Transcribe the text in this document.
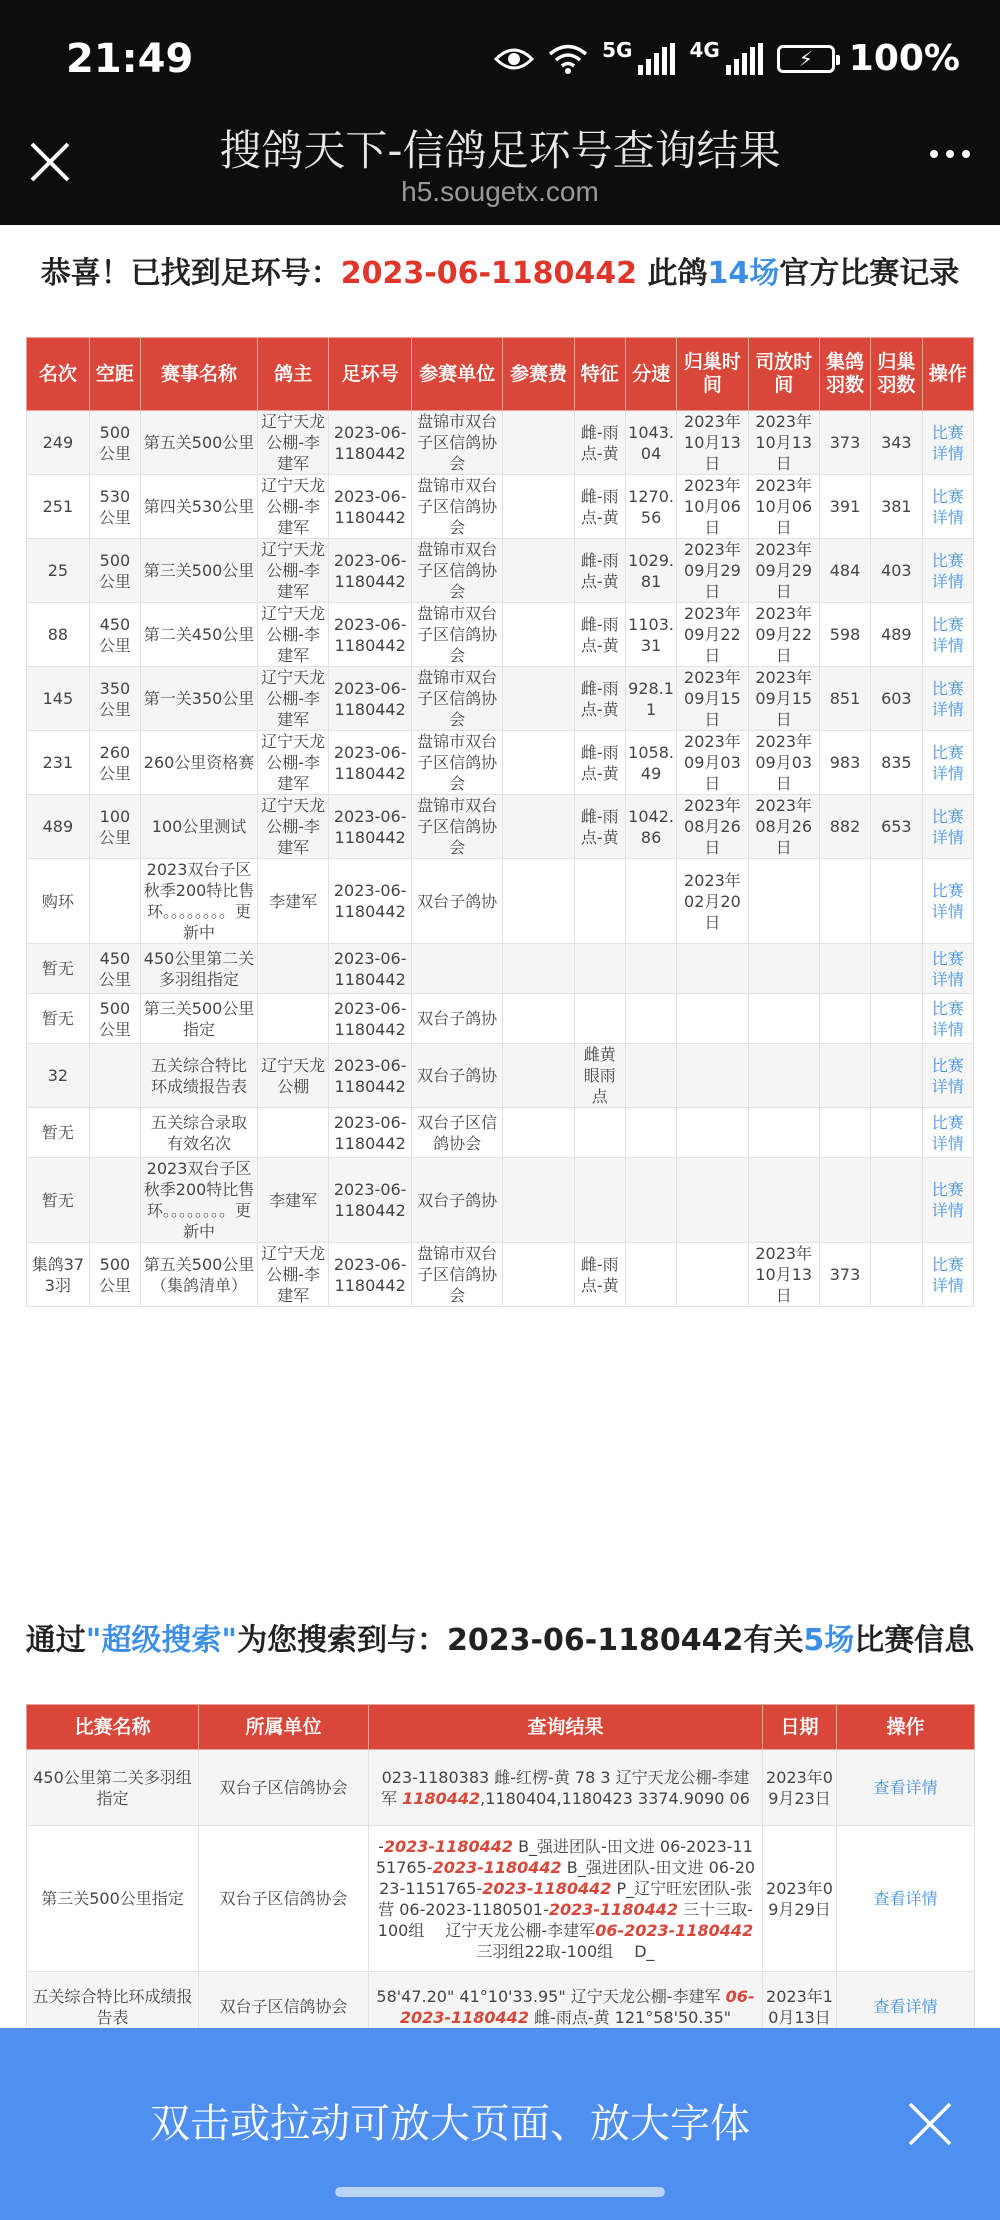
21:49	5G	4G	⚡ 100%
搜鸽天下-信鸽足环号查询结果
h5.sougetx.com
恭喜！已找到足环号：2023-06-1180442 此鸽14场官方比赛记录
名次	空距	赛事名称	鸽主	足环号	参赛单位	参赛费	特征	分速	归巢时间	司放时间	集鸽羽数	归巢羽数	操作
249	500公里	第五关500公里	辽宁天龙公棚-李建军	2023-06-1180442	盘锦市双台子区信鸽协会		雌-雨点-黄	1043.04	2023年10月13日	2023年10月13日	373	343	比赛详情
251	530公里	第四关530公里	辽宁天龙公棚-李建军	2023-06-1180442	盘锦市双台子区信鸽协会		雌-雨点-黄	1270.56	2023年10月06日	2023年10月06日	391	381	比赛详情
25	500公里	第三关500公里	辽宁天龙公棚-李建军	2023-06-1180442	盘锦市双台子区信鸽协会		雌-雨点-黄	1029.81	2023年09月29日	2023年09月29日	484	403	比赛详情
88	450公里	第二关450公里	辽宁天龙公棚-李建军	2023-06-1180442	盘锦市双台子区信鸽协会		雌-雨点-黄	1103.31	2023年09月22日	2023年09月22日	598	489	比赛详情
145	350公里	第一关350公里	辽宁天龙公棚-李建军	2023-06-1180442	盘锦市双台子区信鸽协会		雌-雨点-黄	928.11	2023年09月15日	2023年09月15日	851	603	比赛详情
231	260公里	260公里资格赛	辽宁天龙公棚-李建军	2023-06-1180442	盘锦市双台子区信鸽协会		雌-雨点-黄	1058.49	2023年09月03日	2023年09月03日	983	835	比赛详情
489	100公里	100公里测试	辽宁天龙公棚-李建军	2023-06-1180442	盘锦市双台子区信鸽协会		雌-雨点-黄	1042.86	2023年08月26日	2023年08月26日	882	653	比赛详情
购环		2023双台子区秋季200特比售环。。。。。。。。更新中	李建军	2023-06-1180442	双台子鸽协				2023年02月20日				比赛详情
暂无	450公里	450公里第二关多羽组指定		2023-06-1180442									比赛详情
暂无	500公里	第三关500公里指定		2023-06-1180442	双台子鸽协								比赛详情
32		五关综合特比环成绩报告表	辽宁天龙公棚	2023-06-1180442	双台子鸽协		雌黄眼雨点						比赛详情
暂无		五关综合录取有效名次		2023-06-1180442	双台子区信鸽协会								比赛详情
暂无		2023双台子区秋季200特比售环。。。。。。。。更新中	李建军	2023-06-1180442	双台子鸽协								比赛详情
集鸽373羽	500公里	第五关500公里（集鸽清单）	辽宁天龙公棚-李建军	2023-06-1180442	盘锦市双台子区信鸽协会		雌-雨点-黄			2023年10月13日	373		比赛详情
通过"超级搜索"为您搜索到与：2023-06-1180442有关5场比赛信息
比赛名称	所属单位	查询结果	日期	操作
450公里第二关多羽组指定	双台子区信鸽协会	023-1180383 雌-红楞-黄 78 3 辽宁天龙公棚-李建军 1180442,1180404,1180423 3374.9090 06	2023年09月23日	查看详情
第三关500公里指定	双台子区信鸽协会	-2023-1180442 B_强进团队-田文进 06-2023-1151765-2023-1180442 B_强进团队-田文进 06-2023-1151765-2023-1180442 P_辽宁旺宏团队-张营 06-2023-1180501-2023-1180442 三十三取-100组　 辽宁天龙公棚-李建军06-2023-1180442 三羽组22取-100组　 D_	2023年09月29日	查看详情
五关综合特比环成绩报告表	双台子区信鸽协会	58'47.20" 41°10'33.95" 辽宁天龙公棚-李建军 06-2023-1180442 雌-雨点-黄 121°58'50.35"	2023年10月13日	查看详情
双击或拉动可放大页面、放大字体
